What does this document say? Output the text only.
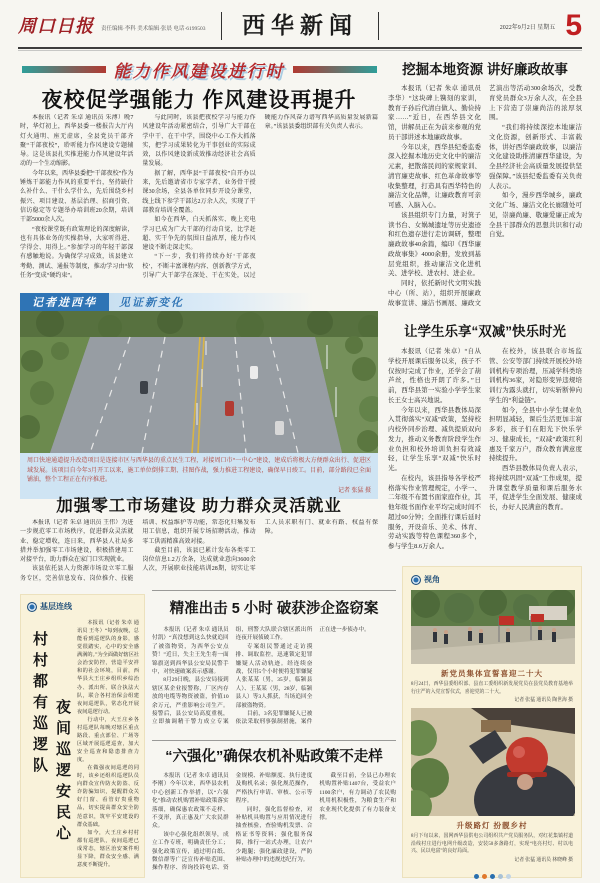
周口日报 责任编辑·李科 美术编辑·张晨 电话·6199503	西华新闻	2022年9月2日 星期五 5
能力作风建设进行时
夜校促学强能力 作风建设再提升

本报讯（记者 朱卓 通讯员 朱溥）晚7时，华灯初上，西华县委一楼报告大厅内灯火通明、座无虚席，全县党员干部齐聚“干部夜校”，聆听能力作风建设专题辅导。这是该县扎实推进能力作风建设年活动的一个生动缩影。

今年以来，西华县委把“干部夜校”作为锤炼干部能力作风的重要平台，坚持缺什么补什么、干什么学什么，先后围绕乡村振兴、项目建设、基层治理、招商引资、信访稳定等专题举办培训班20余期，培训干部5000余人次。

“夜校课堂既有政策理论的深度解读，也有具体业务的实操指导，大家听得进、学得会、用得上。”参加学习的年轻干部深有感触地说。为确保学习成效，该县建立考勤、测试、通报等制度，推动学习由“软任务”变成“硬约束”。

与此同时，该县把夜校学习与能力作风建设年活动紧密结合，引导广大干部在学中干、在干中学，围绕中心工作大抓落实，把学习成果转化为干事创业的实际成效，以作风建设新成效推动经济社会高质量发展。

据了解，西华县“干部夜校”自开办以来，先后邀请省市专家学者、业务骨干授课30余场，全县各单位同步开设分课堂，线上线下参学干部达2万余人次，实现了干部教育培训全覆盖。

如今在西华，白天抓落实、晚上充电学习已成为广大干部的行动自觉，比学赶超、实干争先的氛围日益浓厚，能力作风建设不断走深走实。

“下一步，我们将持续办好‘干部夜校’，不断丰富课程内容、创新教学方式，引导广大干部学在深处、干在实处，以过硬能力作风奋力谱写西华高质量发展新篇章。”该县县委组织部有关负责人表示。

记者进西华	见证新变化
周口快速通道提升改造项目是连接市区与西华县的重点民生工程，对接周口市“一中心”建设，建成后将极大方便群众出行、促进区域发展。该项目自今年3月开工以来，施工单位倒排工期、挂图作战，强力推进工程建设，确保早日竣工。目前，部分路段已全面铺油，整个工程正在有序推进。
记者 张猛 摄
加强零工市场建设 助力群众灵活就业

本报讯（记者 朱卓 通讯员 王伟）为进一步规范零工市场秩序，促进群众灵活就业、稳定增收，连日来，西华县人社局多措并举加强零工市场建设，积极搭建用工对接平台，助力群众在家门口实现就业。

该县依托县人力资源市场设立零工服务专区，完善信息发布、岗位推介、技能培训、权益维护等功能，常态化归集发布用工信息，组织开展专场招聘活动，推动零工供需精准高效对接。

截至目前，该县已累计发布各类零工岗位信息1.2万余条，达成就业意向3600余人次，开展职业技能培训28期，切实让零工人员求职有门、就业有路、权益有保障。

挖掘本地资源 讲好廉政故事

本报讯（记者 朱卓 通讯员 李华）“这块碑上镌刻的家训，教育子孙后代清白做人、勤俭持家……”近日，在西华县文化馆，讲解员正在为前来参观的党员干部讲述本地廉政故事。

今年以来，西华县纪委监委深入挖掘本地历史文化中的廉洁元素，把散落民间的家规家训、清官廉吏故事、红色革命故事等收集整理，打造具有西华特色的廉洁文化品牌，让廉政教育可亲可感、入脑入心。

该县组织专门力量，对箕子读书台、女娲城遗址等历史遗迹和红色遗存进行走访调研，整理廉政故事40余篇，编印《西华廉政故事集》4000余册，发放到基层党组织，推动廉洁文化进机关、进学校、进农村、进企业。

同时，依托新时代文明实践中心（所、站），组织开展廉政故事宣讲、廉洁书画展、廉政文艺演出等活动300余场次，受教育党员群众3万余人次，在全县上下营造了崇廉尚洁的浓厚氛围。

“我们将持续深挖本地廉洁文化资源，创新形式、丰富载体，讲好西华廉政故事，以廉洁文化建设助推清廉西华建设，为全县经济社会高质量发展提供坚强保障。”该县纪委监委有关负责人表示。

如今，漫步西华城乡，廉政文化广场、廉洁文化长廊随处可见，崇廉尚廉、敬廉爱廉正成为全县干部群众的思想共识和行动自觉。

让学生乐享“双减”快乐时光

本报讯（记者 朱卓）“自从学校开展课后服务以来，孩子不仅按时完成了作业，还学会了葫芦丝，性格也开朗了许多。”日前，西华县第一实验小学学生家长王女士高兴地说。

今年以来，西华县教体局深入贯彻落实“双减”政策，坚持校内校外同步治理、减负提质双向发力，推动义务教育阶段学生作业负担和校外培训负担有效减轻，让学生乐享“双减”快乐时光。

在校内，该县指导各学校严格落实作业管理规定，小学一、二年级不布置书面家庭作业，其他年级书面作业平均完成时间不超过60分钟；全面推行课后延时服务，开设音乐、美术、体育、劳动实践等特色课程360多个，参与学生8.6万余人。

在校外，该县联合市场监管、公安等部门持续开展校外培训机构专项治理，压减学科类培训机构36家，对隐形变异违规培训行为露头就打，切实斩断伸向学生的“利益链”。

如今，全县中小学生课业负担明显减轻，课后生活更加丰富多彩，孩子们在阳光下快乐学习、健康成长，“双减”政策红利惠及千家万户，群众教育满意度持续提升。

西华县教体局负责人表示，将持续巩固“双减”工作成果，提升课堂教学质量和课后服务水平，促进学生全面发展、健康成长，办好人民满意的教育。

基层连线
村村都有巡逻队 夜间巡逻安民心

本报讯（记者 朱卓 通讯员 王冬）“每到夜晚，总能看到巡逻队的身影，感觉很踏实，心中的安全感满满的。”为全面做好辖区社会治安防控，营造平安祥和的社会环境，目前，西华县大王庄乡组织乡综治办、派出所、联合执法大队，联合各村治保会组建夜间巡逻队，常态化开展夜间巡逻行动。

行动中，大王庄乡各村巡逻队每晚对辖区重点路段、重点部位、广场等区域开展巡逻巡查，加大安全巡查和隐患排查力度。

在做强夜间巡逻的同时，该乡还组织巡逻队员向群众宣传防火防盗、反诈防骗知识，提醒群众关好门窗、看管好贵重物品，切实提高群众安全防范意识，筑牢平安建设的群众基础。

如今，大王庄乡村村都有巡逻队，夜间巡逻已成常态，辖区治安案件明显下降，群众安全感、满意度不断提升。

精准出击 5 小时 破获涉企盗窃案

本报讯（记者 朱卓 通讯员 付凯）“真没想到这么快就追回了被盗物资，为西华公安点赞！”近日，失主王先生将一面锦旗送到西华县公安局民警手中，对快速破案表示感谢。

8月29日晚，县公安局接到辖区某企业报警称，厂区内存放的电缆等物资被盗，价值10余万元，严重影响公司生产。接警后，县公安局高度重视，立即抽调精干警力成立专案组，刑警大队联合辖区派出所连夜开展侦破工作。

专案组民警通过走访摸排、调取监控，迅速锁定犯罪嫌疑人活动轨迹。经连续奋战，仅用5个小时便将犯罪嫌疑人张某某（男，35岁，临颍县人）、王某某（男，28岁，临颍县人）等3人抓获，当场追回全部被盗物资。

目前，3名犯罪嫌疑人已被依法采取刑事强制措施，案件正在进一步侦办中。

“六强化”确保农机补贴政策不走样

本报讯（记者 朱卓 通讯员 李刚）今年以来，西华县农机中心创新工作举措，以“六强化”推动农机购置补贴政策落实落细，确保惠农政策不走样、不变形，真正惠及广大农民群众。

该中心强化组织领导，成立工作专班，明确责任分工；强化政策宣传，通过明白纸、微信群等广泛宣传补贴范围、操作程序、咨询投诉电话、资金规模、补贴额度、执行进度及购机名录；强化规范操作，严格执行申请、审核、公示等程序。

同时，强化监督检查，对补贴机具购置与应用情况进行抽查核验，查验购机发票、合格证书等资料；强化服务保障，推行一站式办理，让农户少跑腿；强化廉政建设，严防补贴办理中的违规违纪行为。

截至目前，全县已办理农机购置补贴1407台，受益农户1100余户，有力调动了农民购机用机积极性，为粮食生产和农业现代化提供了有力装备支撑。

视角
新党员集体宣誓喜迎二十大
8月24日，西华县委组织部、县直工委组织新发展党员在县党员教育基地举行庄严的入党宣誓仪式，喜迎党的二十大。
记者 张猛 通讯员 陶世海 摄
升级路灯 扮靓乡村
8月下旬以来，国网西华县供电公司组织共产党员服务队，对红花集镇村道沿线村庄进行电网升级改造，安装50多盏路灯，实现“电亮村灯、村以电兴、民以电富”的良好局面。
记者 张猛 通讯员 林晓峰 摄
